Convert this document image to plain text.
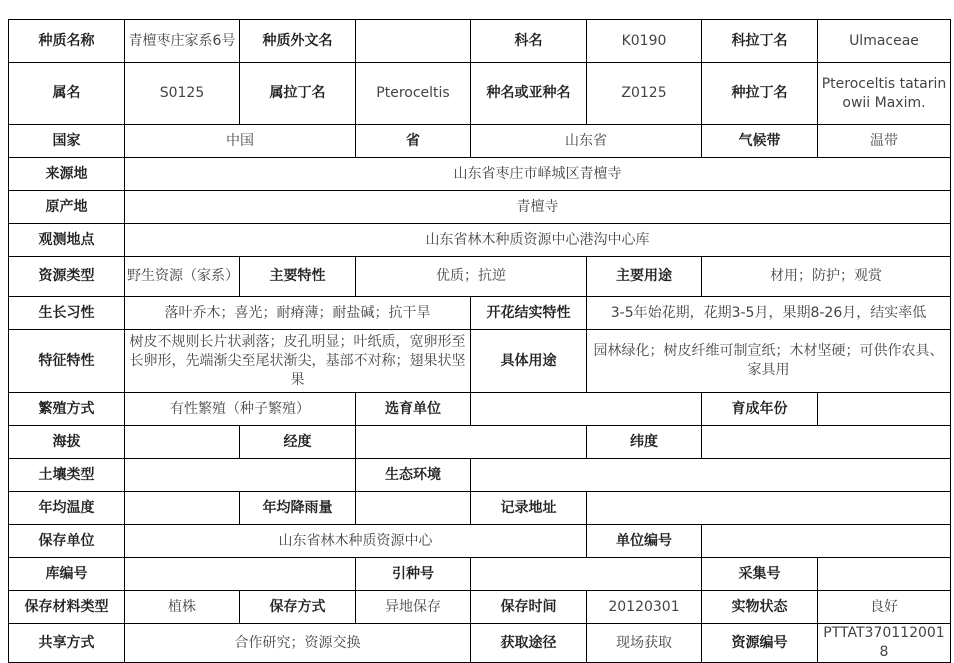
种质名称	青檀枣庄家系6号	种质外文名		科名	K0190	科拉丁名	Ulmaceae
属名	S0125	属拉丁名	Pteroceltis	种名或亚种名	Z0125	种拉丁名	Pteroceltis tatarinowii Maxim.
国家	中国		省	山东省		气候带	温带
来源地	山东省枣庄市峄城区青檀寺						
原产地	青檀寺						
观测地点	山东省林木种质资源中心港沟中心库						
资源类型	野生资源（家系）	主要特性	优质；抗逆		主要用途	材用；防护；观赏	
生长习性	落叶乔木；喜光；耐瘠薄；耐盐碱；抗干旱			开花结实特性	3-5年始花期，花期3-5月，果期8-26月，结实率低		
特征特性	树皮不规则长片状剥落；皮孔明显；叶纸质，宽卵形至长卵形，先端渐尖至尾状渐尖，基部不对称；翅果状坚果			具体用途	园林绿化；树皮纤维可制宣纸；木材坚硬；可供作农具、家具用		
繁殖方式	有性繁殖（种子繁殖）		选育单位			育成年份	
海拔		经度			纬度		
土壤类型			生态环境				
年均温度		年均降雨量		记录地址			
保存单位	山东省林木种质资源中心				单位编号		
库编号			引种号			采集号	
保存材料类型	植株	保存方式	异地保存	保存时间	20120301	实物状态	良好
共享方式	合作研究；资源交换			获取途径	现场获取	资源编号	PTTAT3701120018
